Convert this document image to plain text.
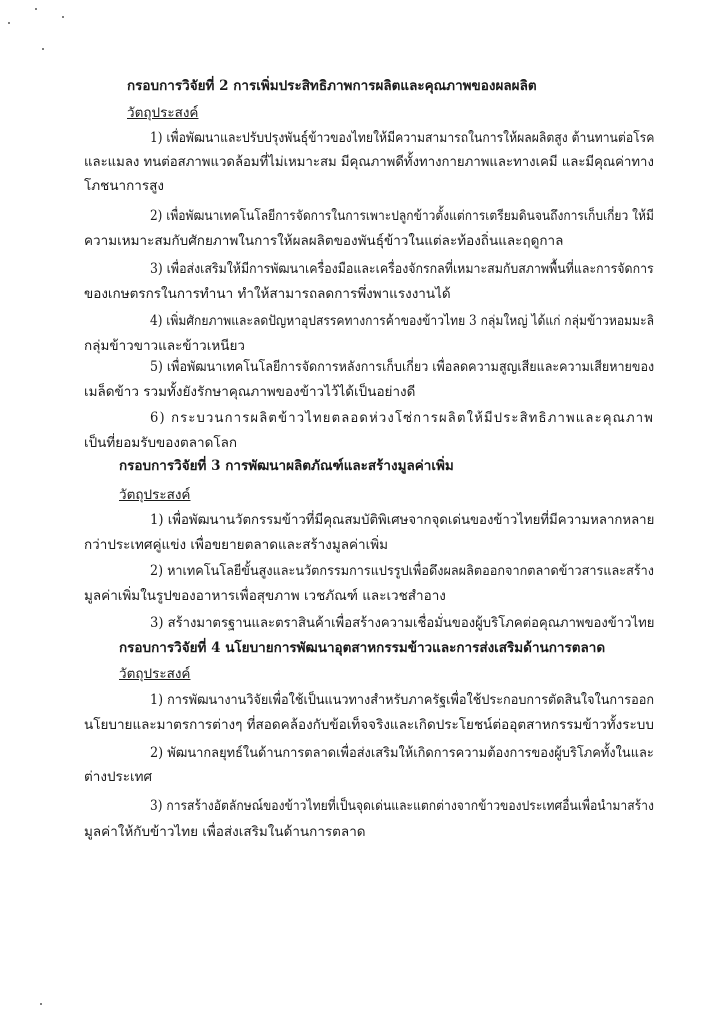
กรอบการวิจัยที่ 2 การเพิ่มประสิทธิภาพการผลิตและคุณภาพของผลผลิต
วัตถุประสงค์
1) เพื่อพัฒนาและปรับปรุงพันธุ์ข้าวของไทยให้มีความสามารถในการให้ผลผลิตสูง ต้านทานต่อโรค
และแมลง ทนต่อสภาพแวดล้อมที่ไม่เหมาะสม มีคุณภาพดีทั้งทางกายภาพและทางเคมี และมีคุณค่าทาง
โภชนาการสูง
2) เพื่อพัฒนาเทคโนโลยีการจัดการในการเพาะปลูกข้าวตั้งแต่การเตรียมดินจนถึงการเก็บเกี่ยว ให้มี
ความเหมาะสมกับศักยภาพในการให้ผลผลิตของพันธุ์ข้าวในแต่ละท้องถิ่นและฤดูกาล
3) เพื่อส่งเสริมให้มีการพัฒนาเครื่องมือและเครื่องจักรกลที่เหมาะสมกับสภาพพื้นที่และการจัดการ
ของเกษตรกรในการทำนา ทำให้สามารถลดการพึ่งพาแรงงานได้
4) เพิ่มศักยภาพและลดปัญหาอุปสรรคทางการค้าของข้าวไทย 3 กลุ่มใหญ่ ได้แก่ กลุ่มข้าวหอมมะลิ
กลุ่มข้าวขาวและข้าวเหนียว
5) เพื่อพัฒนาเทคโนโลยีการจัดการหลังการเก็บเกี่ยว เพื่อลดความสูญเสียและความเสียหายของ
เมล็ดข้าว รวมทั้งยังรักษาคุณภาพของข้าวไว้ได้เป็นอย่างดี
6) กระบวนการผลิตข้าวไทยตลอดห่วงโซ่การผลิตให้มีประสิทธิภาพและคุณภาพ
เป็นที่ยอมรับของตลาดโลก
กรอบการวิจัยที่ 3 การพัฒนาผลิตภัณฑ์และสร้างมูลค่าเพิ่ม
วัตถุประสงค์
1) เพื่อพัฒนานวัตกรรมข้าวที่มีคุณสมบัติพิเศษจากจุดเด่นของข้าวไทยที่มีความหลากหลาย
กว่าประเทศคู่แข่ง เพื่อขยายตลาดและสร้างมูลค่าเพิ่ม
2) หาเทคโนโลยีขั้นสูงและนวัตกรรมการแปรรูปเพื่อดึงผลผลิตออกจากตลาดข้าวสารและสร้าง
มูลค่าเพิ่มในรูปของอาหารเพื่อสุขภาพ เวชภัณฑ์ และเวชสำอาง
3) สร้างมาตรฐานและตราสินค้าเพื่อสร้างความเชื่อมั่นของผู้บริโภคต่อคุณภาพของข้าวไทย
กรอบการวิจัยที่ 4 นโยบายการพัฒนาอุตสาหกรรมข้าวและการส่งเสริมด้านการตลาด
วัตถุประสงค์
1) การพัฒนางานวิจัยเพื่อใช้เป็นแนวทางสำหรับภาครัฐเพื่อใช้ประกอบการตัดสินใจในการออก
นโยบายและมาตรการต่างๆ ที่สอดคล้องกับข้อเท็จจริงและเกิดประโยชน์ต่ออุตสาหกรรมข้าวทั้งระบบ
2) พัฒนากลยุทธ์ในด้านการตลาดเพื่อส่งเสริมให้เกิดการความต้องการของผู้บริโภคทั้งในและ
ต่างประเทศ
3) การสร้างอัตลักษณ์ของข้าวไทยที่เป็นจุดเด่นและแตกต่างจากข้าวของประเทศอื่นเพื่อนำมาสร้าง
มูลค่าให้กับข้าวไทย เพื่อส่งเสริมในด้านการตลาด
